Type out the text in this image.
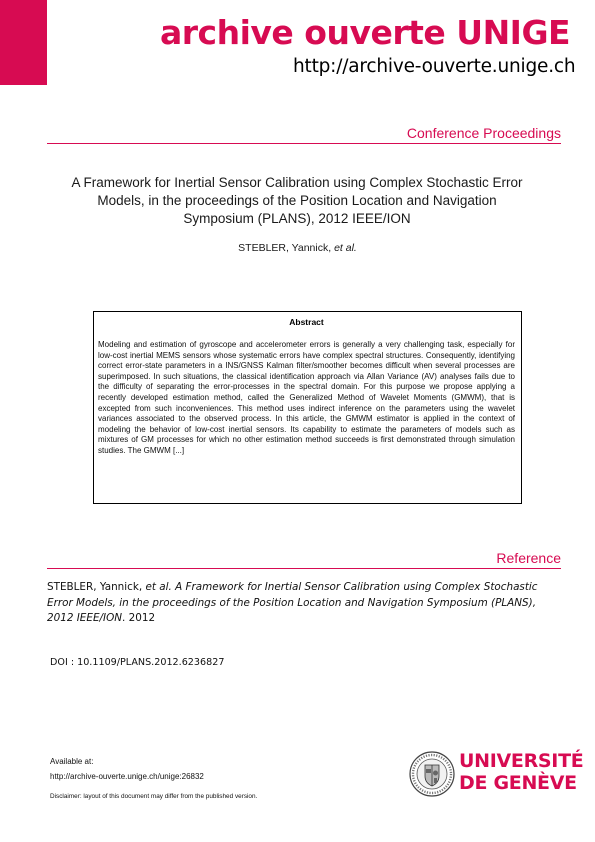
archive ouverte UNIGE
http://archive-ouverte.unige.ch
Conference Proceedings
A Framework for Inertial Sensor Calibration using Complex Stochastic Error Models, in the proceedings of the Position Location and Navigation Symposium (PLANS), 2012 IEEE/ION
STEBLER, Yannick, et al.
Abstract
Modeling and estimation of gyroscope and accelerometer errors is generally a very challenging task, especially for low-cost inertial MEMS sensors whose systematic errors have complex spectral structures. Consequently, identifying correct error-state parameters in a INS/GNSS Kalman filter/smoother becomes difficult when several processes are superimposed. In such situations, the classical identification approach via Allan Variance (AV) analyses fails due to the difficulty of separating the error-processes in the spectral domain. For this purpose we propose applying a recently developed estimation method, called the Generalized Method of Wavelet Moments (GMWM), that is excepted from such inconveniences. This method uses indirect inference on the parameters using the wavelet variances associated to the observed process. In this article, the GMWM estimator is applied in the context of modeling the behavior of low-cost inertial sensors. Its capability to estimate the parameters of models such as mixtures of GM processes for which no other estimation method succeeds is first demonstrated through simulation studies. The GMWM [...]
Reference
STEBLER, Yannick, et al. A Framework for Inertial Sensor Calibration using Complex Stochastic Error Models, in the proceedings of the Position Location and Navigation Symposium (PLANS), 2012 IEEE/ION. 2012
DOI : 10.1109/PLANS.2012.6236827
Available at:
http://archive-ouverte.unige.ch/unige:26832
Disclaimer: layout of this document may differ from the published version.
UNIVERSITÉ
DE GENÈVE
